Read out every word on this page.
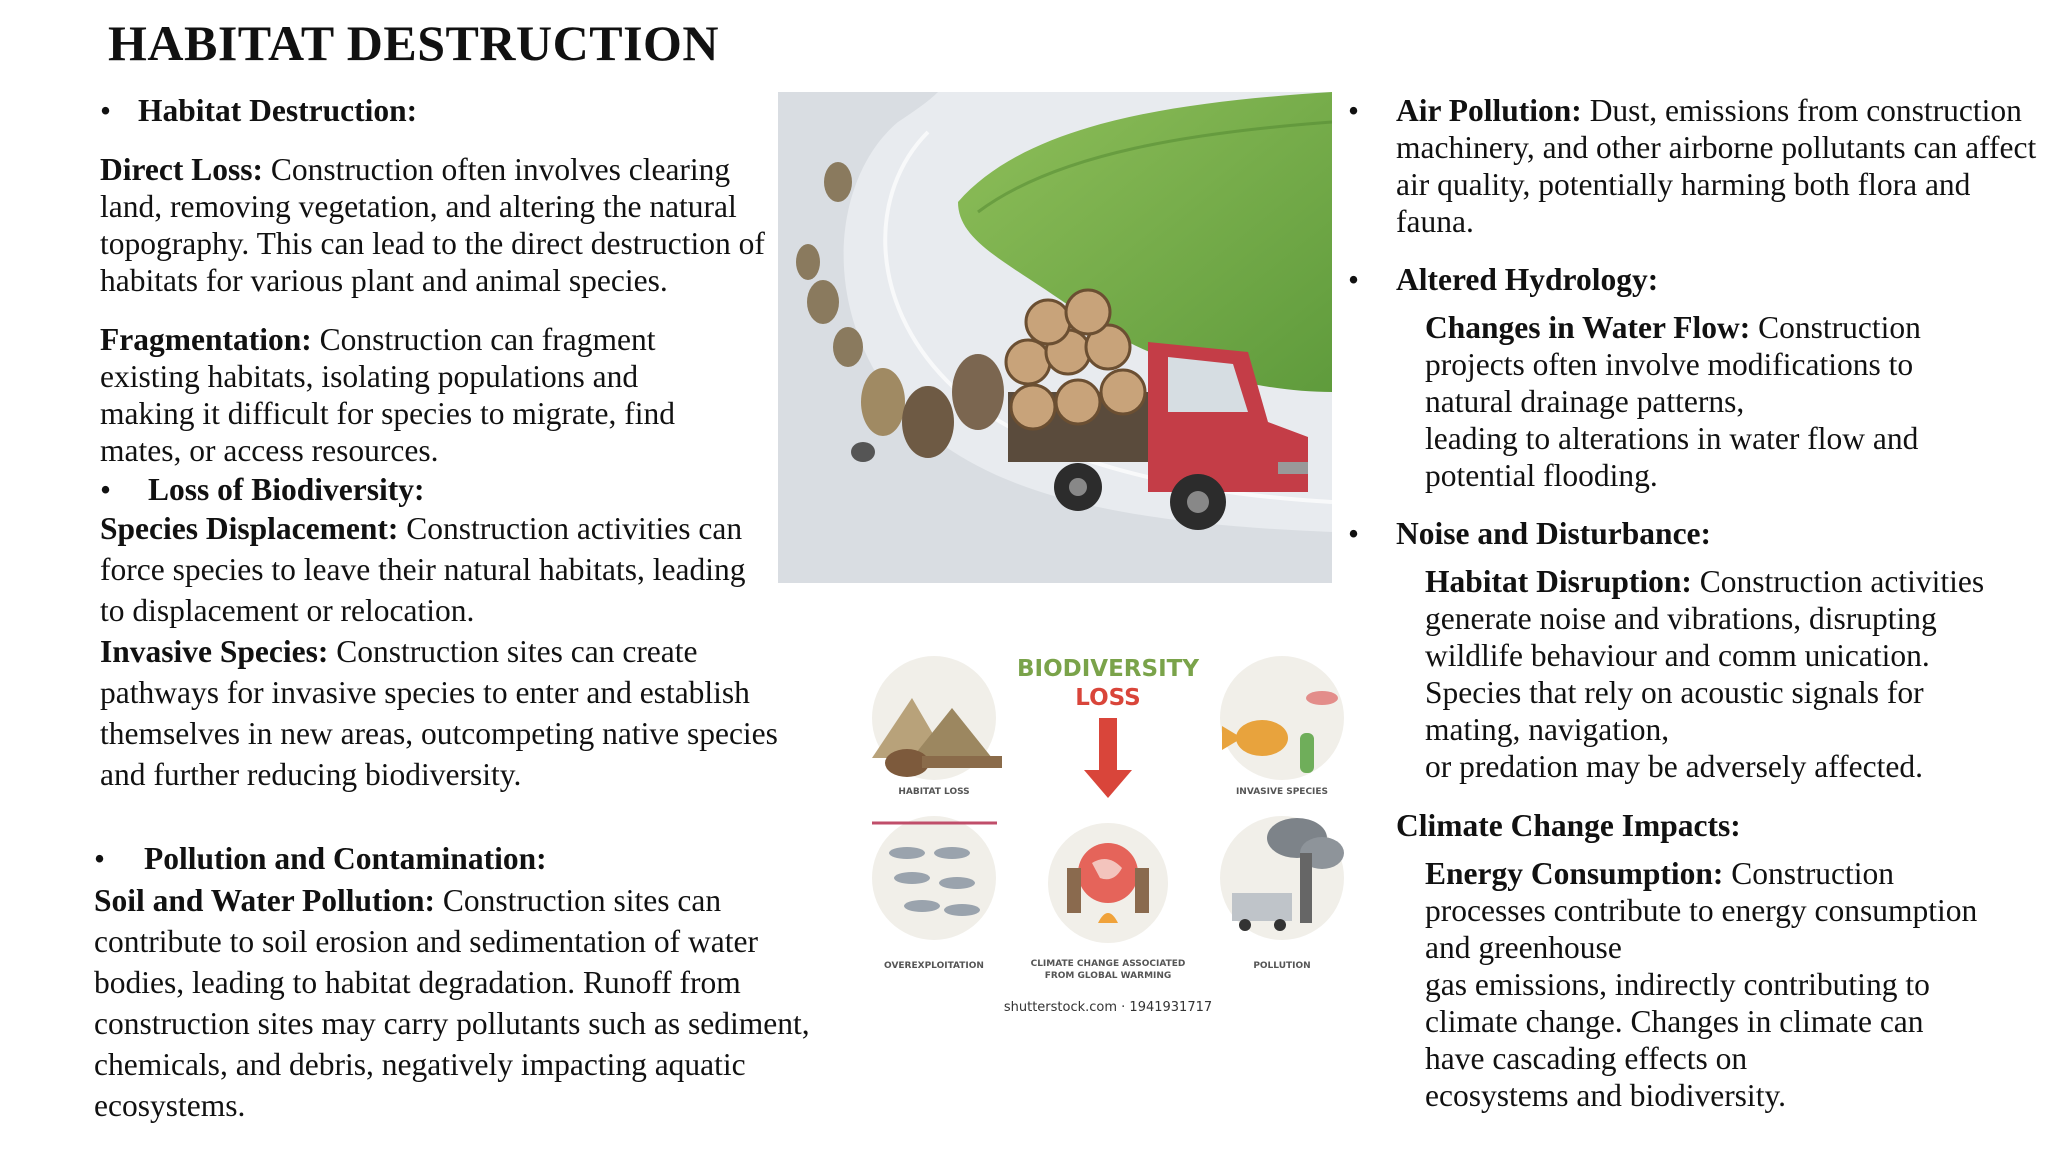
HABITAT DESTRUCTION

• Habitat Destruction:

Direct Loss: Construction often involves clearing land, removing vegetation, and altering the natural topography. This can lead to the direct destruction of habitats for various plant and animal species.

Fragmentation: Construction can fragment existing habitats, isolating populations and making it difficult for species to migrate, find mates, or access resources.

• Loss of Biodiversity:

Species Displacement: Construction activities can force species to leave their natural habitats, leading to displacement or relocation.

Invasive Species: Construction sites can create pathways for invasive species to enter and establish themselves in new areas, outcompeting native species and further reducing biodiversity.

• Pollution and Contamination:

Soil and Water Pollution: Construction sites can contribute to soil erosion and sedimentation of water bodies, leading to habitat degradation. Runoff from construction sites may carry pollutants such as sediment, chemicals, and debris, negatively impacting aquatic ecosystems.

BIODIVERSITY
LOSS
HABITAT LOSS	INVASIVE SPECIES
OVEREXPLOITATION	CLIMATE CHANGE ASSOCIATED
FROM GLOBAL WARMING
POLLUTION
shutterstock.com · 1941931717

• Air Pollution: Dust, emissions from construction machinery, and other airborne pollutants can affect air quality, potentially harming both flora and fauna.

• Altered Hydrology:

Changes in Water Flow: Construction projects often involve modifications to natural drainage patterns,

leading to alterations in water flow and potential flooding.

• Noise and Disturbance:

Habitat Disruption: Construction activities generate noise and vibrations, disrupting wildlife behaviour and comm unication. Species that rely on acoustic signals for mating, navigation,

or predation may be adversely affected.

Climate Change Impacts:

Energy Consumption: Construction processes contribute to energy consumption and greenhouse

gas emissions, indirectly contributing to climate change. Changes in climate can have cascading effects on

ecosystems and biodiversity.
